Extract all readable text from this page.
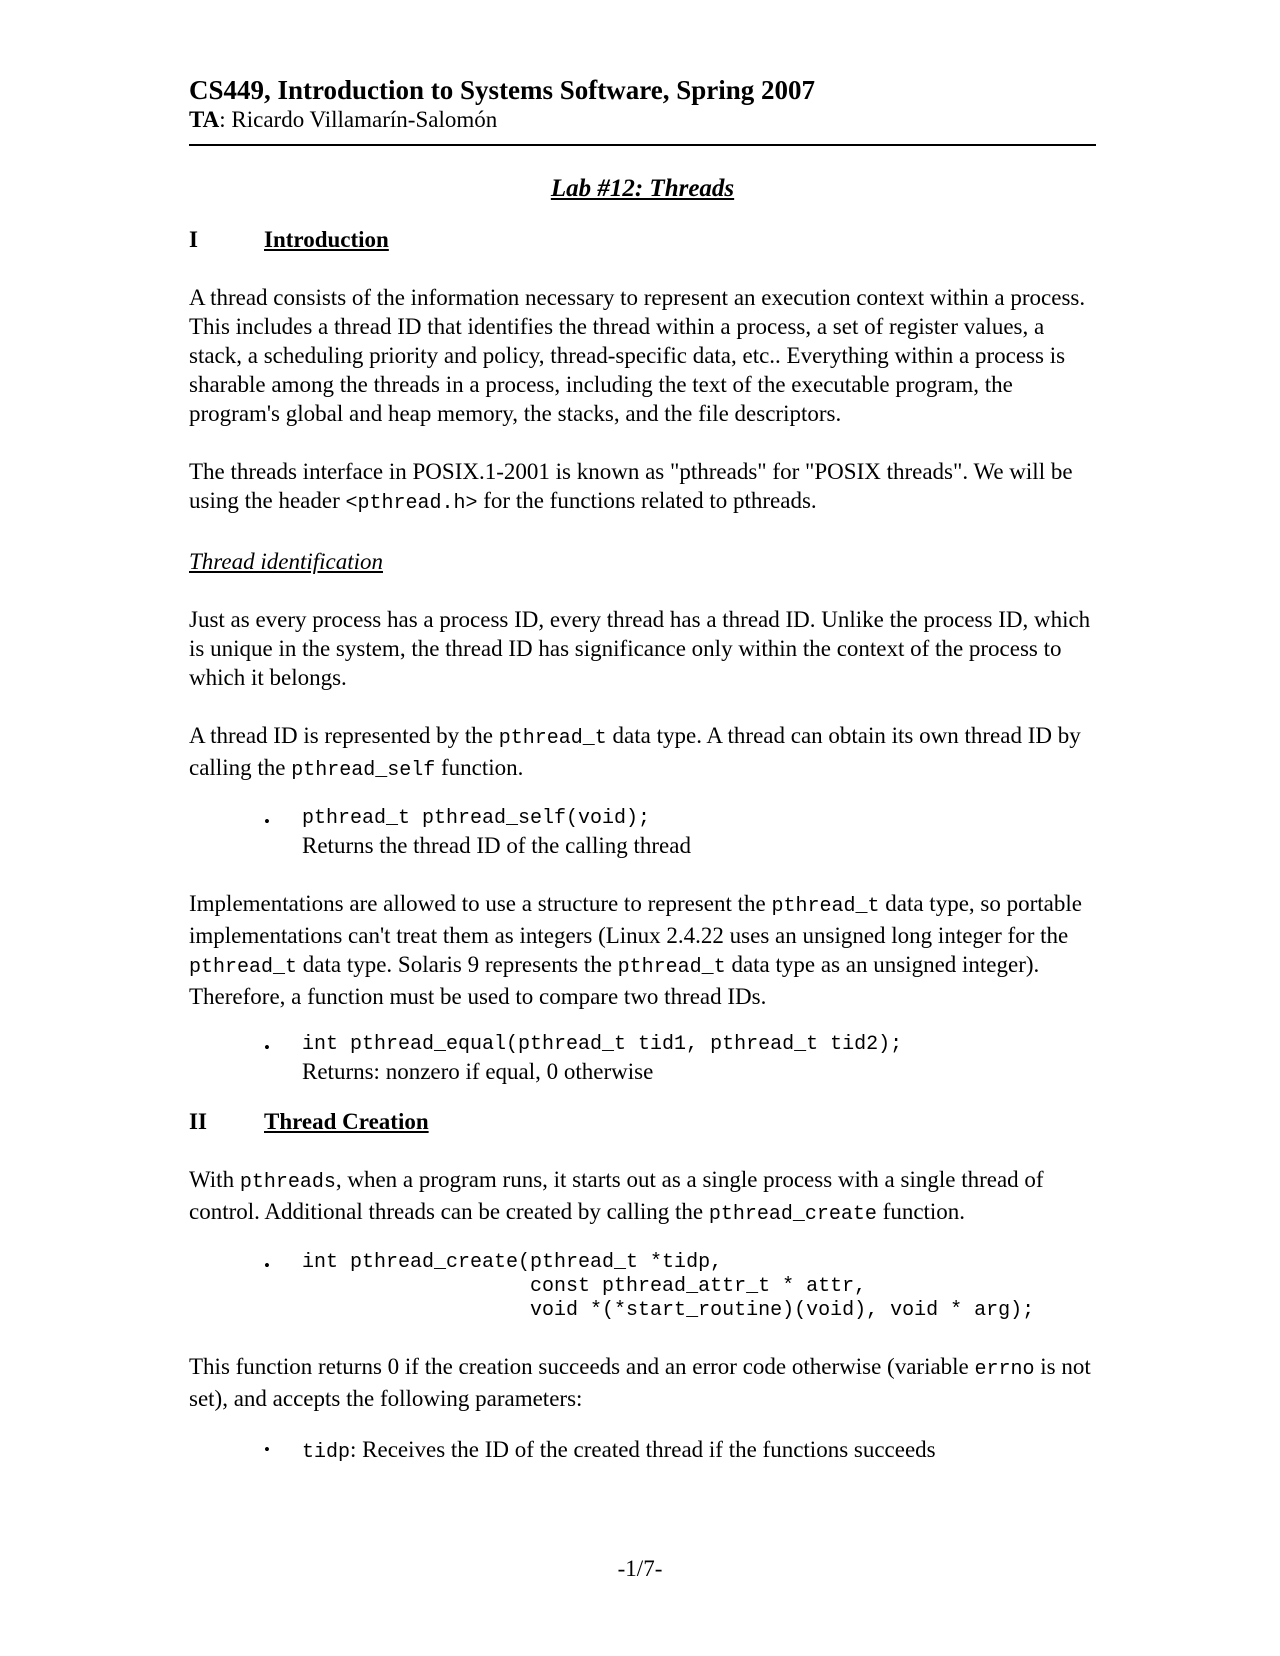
CS449, Introduction to Systems Software, Spring 2007
TA: Ricardo Villamarín-Salomón
Lab #12: Threads
I	Introduction

A thread consists of the information necessary to represent an execution context within a process. This includes a thread ID that identifies the thread within a process, a set of register values, a stack, a scheduling priority and policy, thread-specific data, etc.. Everything within a process is sharable among the threads in a process, including the text of the executable program, the program's global and heap memory, the stacks, and the file descriptors.

The threads interface in POSIX.1-2001 is known as "pthreads" for "POSIX threads". We will be using the header <pthread.h> for the functions related to pthreads.

Thread identification

Just as every process has a process ID, every thread has a thread ID. Unlike the process ID, which is unique in the system, the thread ID has significance only within the context of the process to which it belongs.

A thread ID is represented by the pthread_t data type. A thread can obtain its own thread ID by calling the pthread_self function.

• pthread_t pthread_self(void);
Returns the thread ID of the calling thread

Implementations are allowed to use a structure to represent the pthread_t data type, so portable implementations can't treat them as integers (Linux 2.4.22 uses an unsigned long integer for the pthread_t data type. Solaris 9 represents the pthread_t data type as an unsigned integer). Therefore, a function must be used to compare two thread IDs.

• int pthread_equal(pthread_t tid1, pthread_t tid2);
Returns: nonzero if equal, 0 otherwise
II Thread Creation

With pthreads, when a program runs, it starts out as a single process with a single thread of control. Additional threads can be created by calling the pthread_create function.

• int pthread_create(pthread_t *tidp,
const pthread_attr_t * attr,
void *(*start_routine)(void), void * arg);

This function returns 0 if the creation succeeds and an error code otherwise (variable errno is not set), and accepts the following parameters:

• tidp: Receives the ID of the created thread if the functions succeeds
-1/7-
